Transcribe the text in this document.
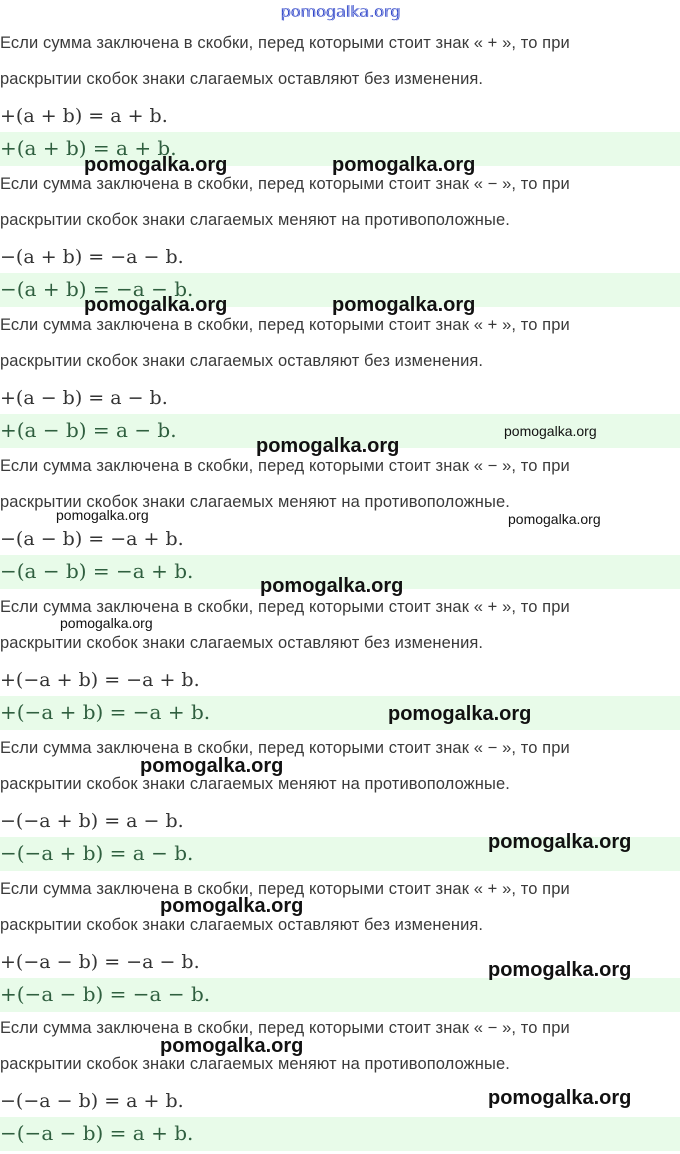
pomogalka.org
Если сумма заключена в скобки, перед которыми стоит знак « + », то при
раскрытии скобок знаки слагаемых оставляют без изменения.
+(a + b) = a + b.
+(a + b) = a + b.
Если сумма заключена в скобки, перед которыми стоит знак « − », то при
раскрытии скобок знаки слагаемых меняют на противоположные.
−(a + b) = −a − b.
−(a + b) = −a − b.
Если сумма заключена в скобки, перед которыми стоит знак « + », то при
раскрытии скобок знаки слагаемых оставляют без изменения.
+(a − b) = a − b.
+(a − b) = a − b.
Если сумма заключена в скобки, перед которыми стоит знак « − », то при
раскрытии скобок знаки слагаемых меняют на противоположные.
−(a − b) = −a + b.
−(a − b) = −a + b.
Если сумма заключена в скобки, перед которыми стоит знак « + », то при
раскрытии скобок знаки слагаемых оставляют без изменения.
+(−a + b) = −a + b.
+(−a + b) = −a + b.
Если сумма заключена в скобки, перед которыми стоит знак « − », то при
раскрытии скобок знаки слагаемых меняют на противоположные.
−(−a + b) = a − b.
−(−a + b) = a − b.
Если сумма заключена в скобки, перед которыми стоит знак « + », то при
раскрытии скобок знаки слагаемых оставляют без изменения.
+(−a − b) = −a − b.
+(−a − b) = −a − b.
Если сумма заключена в скобки, перед которыми стоит знак « − », то при
раскрытии скобок знаки слагаемых меняют на противоположные.
−(−a − b) = a + b.
−(−a − b) = a + b.
pomogalka.org	pomogalka.org
pomogalka.org	pomogalka.org
pomogalka.org
pomogalka.org
pomogalka.org	pomogalka.org
pomogalka.org
pomogalka.org
pomogalka.org
pomogalka.org
pomogalka.org
pomogalka.org
pomogalka.org
pomogalka.org
pomogalka.org
